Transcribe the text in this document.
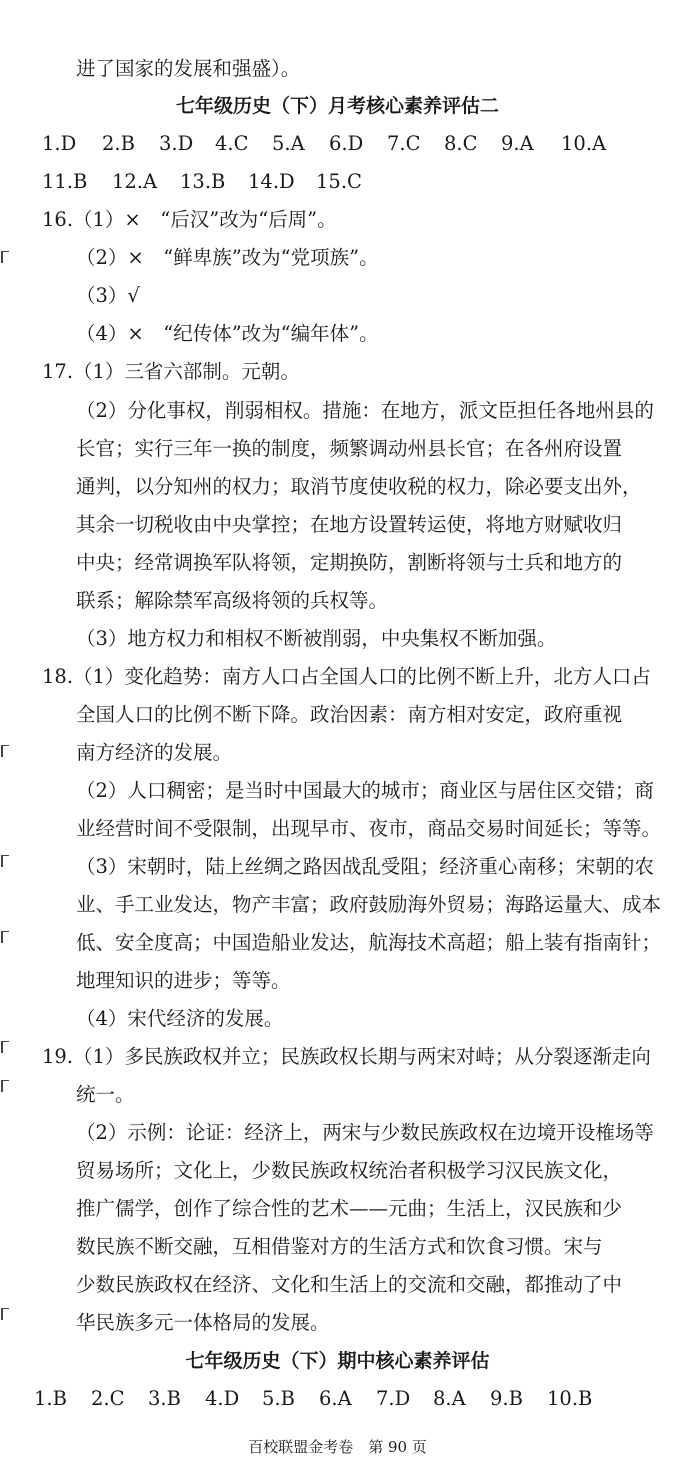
进了国家的发展和强盛）。
七年级历史（下）月考核心素养评估二
1.D 2.B 3.D 4.C 5.A 6.D 7.C 8.C 9.A 10.A
11.B 12.A 13.B 14.D 15.C
16.（1）×　“后汉”改为“后周”。
（2）×　“鲜卑族”改为“党项族”。
（3）√
（4）×　“纪传体”改为“编年体”。
17.（1）三省六部制。元朝。
（2）分化事权，削弱相权。措施：在地方，派文臣担任各地州县的
长官；实行三年一换的制度，频繁调动州县长官；在各州府设置
通判，以分知州的权力；取消节度使收税的权力，除必要支出外，
其余一切税收由中央掌控；在地方设置转运使，将地方财赋收归
中央；经常调换军队将领，定期换防，割断将领与士兵和地方的
联系；解除禁军高级将领的兵权等。
（3）地方权力和相权不断被削弱，中央集权不断加强。
18.（1）变化趋势：南方人口占全国人口的比例不断上升，北方人口占
全国人口的比例不断下降。政治因素：南方相对安定，政府重视
南方经济的发展。
（2）人口稠密；是当时中国最大的城市；商业区与居住区交错；商
业经营时间不受限制，出现早市、夜市，商品交易时间延长；等等。
（3）宋朝时，陆上丝绸之路因战乱受阻；经济重心南移；宋朝的农
业、手工业发达，物产丰富；政府鼓励海外贸易；海路运量大、成本
低、安全度高；中国造船业发达，航海技术高超；船上装有指南针；
地理知识的进步；等等。
（4）宋代经济的发展。
19.（1）多民族政权并立；民族政权长期与两宋对峙；从分裂逐渐走向
统一。
（2）示例：论证：经济上，两宋与少数民族政权在边境开设榷场等
贸易场所；文化上，少数民族政权统治者积极学习汉民族文化，
推广儒学，创作了综合性的艺术——元曲；生活上，汉民族和少
数民族不断交融，互相借鉴对方的生活方式和饮食习惯。宋与
少数民族政权在经济、文化和生活上的交流和交融，都推动了中
华民族多元一体格局的发展。
七年级历史（下）期中核心素养评估
1.B 2.C 3.B 4.D 5.B 6.A 7.D 8.A 9.B 10.B
百校联盟金考卷　第 90 页
